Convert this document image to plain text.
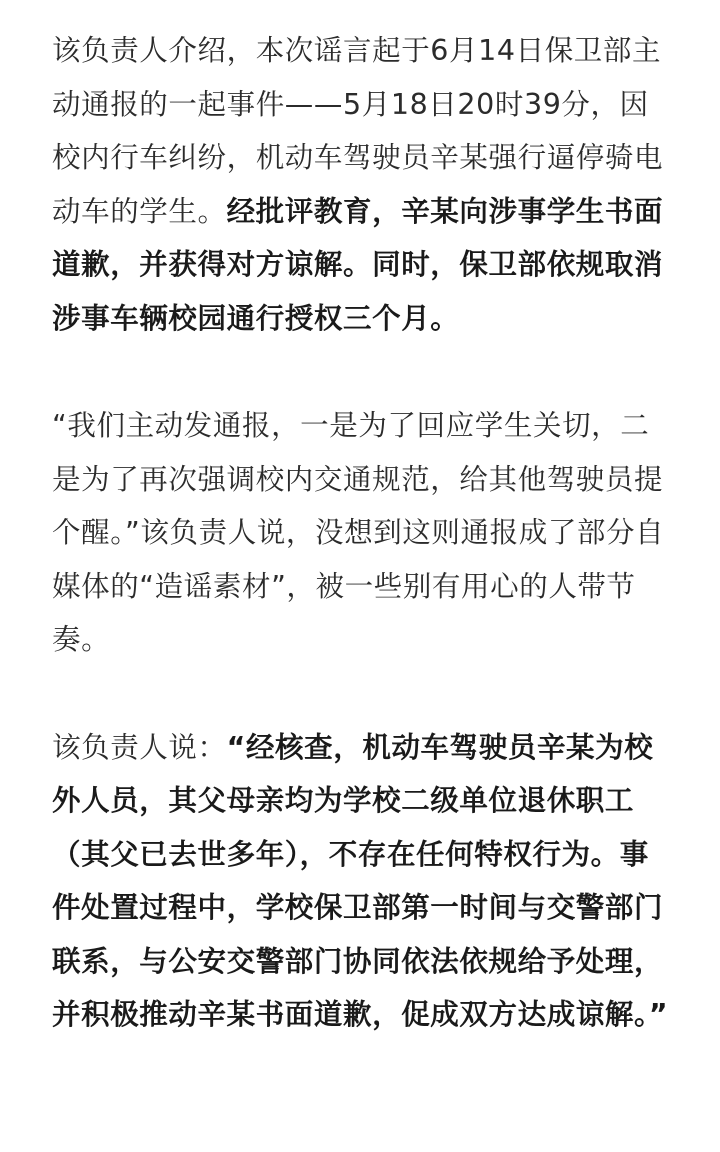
该负责人介绍，本次谣言起于6月14日保卫部主动通报的一起事件——5月18日20时39分，因校内行车纠纷，机动车驾驶员辛某强行逼停骑电动车的学生。经批评教育，辛某向涉事学生书面道歉，并获得对方谅解。同时，保卫部依规取消涉事车辆校园通行授权三个月。

“我们主动发通报，一是为了回应学生关切，二是为了再次强调校内交通规范，给其他驾驶员提个醒。”该负责人说，没想到这则通报成了部分自媒体的“造谣素材”，被一些别有用心的人带节奏。

该负责人说：“经核查，机动车驾驶员辛某为校外人员，其父母亲均为学校二级单位退休职工（其父已去世多年），不存在任何特权行为。事件处置过程中，学校保卫部第一时间与交警部门联系，与公安交警部门协同依法依规给予处理，并积极推动辛某书面道歉，促成双方达成谅解。”
